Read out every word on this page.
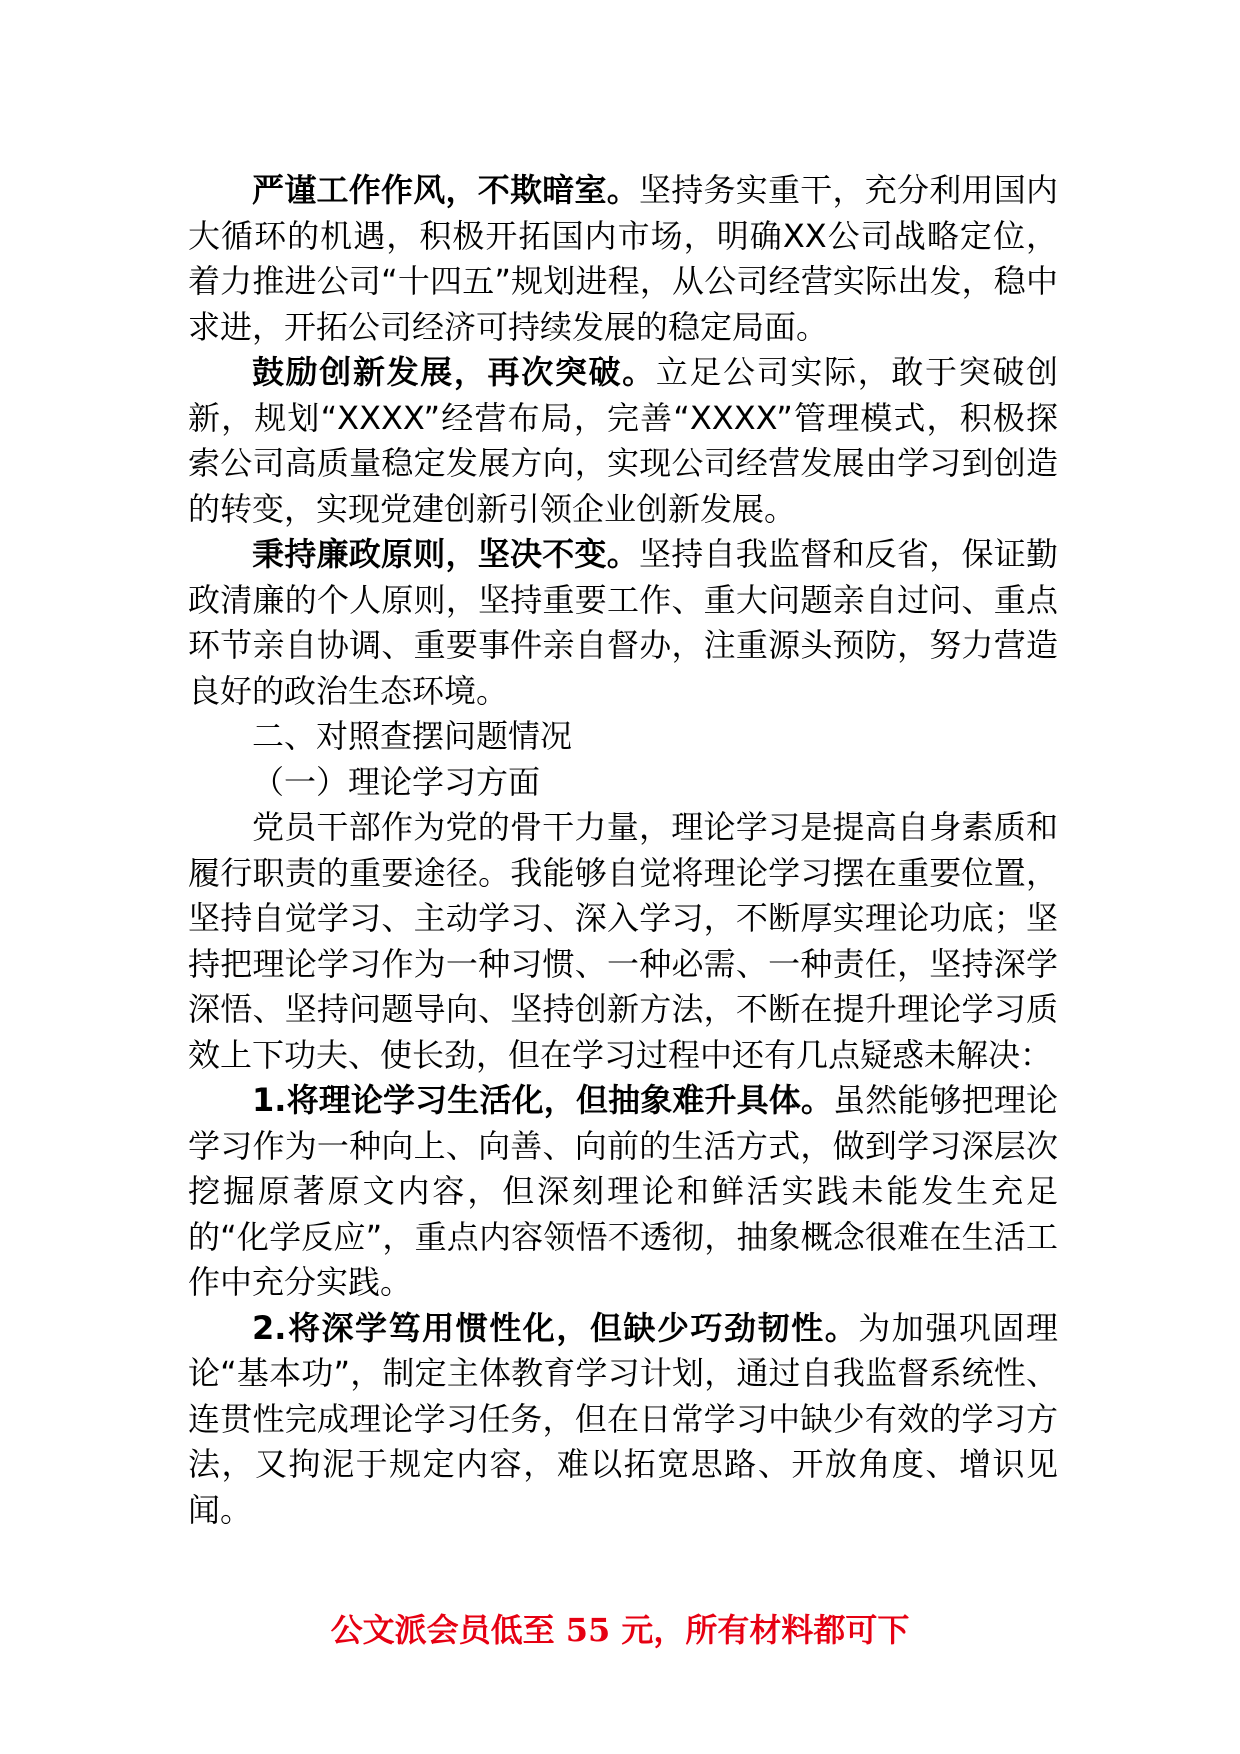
严谨工作作风，不欺暗室。坚持务实重干，充分利用国内大循环的机遇，积极开拓国内市场，明确XX公司战略定位，着力推进公司“十四五”规划进程，从公司经营实际出发，稳中求进，开拓公司经济可持续发展的稳定局面。

鼓励创新发展，再次突破。立足公司实际，敢于突破创新，规划“XXXX”经营布局，完善“XXXX”管理模式，积极探索公司高质量稳定发展方向，实现公司经营发展由学习到创造的转变，实现党建创新引领企业创新发展。

秉持廉政原则，坚决不变。坚持自我监督和反省，保证勤政清廉的个人原则，坚持重要工作、重大问题亲自过问、重点环节亲自协调、重要事件亲自督办，注重源头预防，努力营造良好的政治生态环境。

二、对照查摆问题情况

（一）理论学习方面

党员干部作为党的骨干力量，理论学习是提高自身素质和履行职责的重要途径。我能够自觉将理论学习摆在重要位置，坚持自觉学习、主动学习、深入学习，不断厚实理论功底；坚持把理论学习作为一种习惯、一种必需、一种责任，坚持深学深悟、坚持问题导向、坚持创新方法，不断在提升理论学习质效上下功夫、使长劲，但在学习过程中还有几点疑惑未解决：

1.将理论学习生活化，但抽象难升具体。虽然能够把理论学习作为一种向上、向善、向前的生活方式，做到学习深层次挖掘原著原文内容，但深刻理论和鲜活实践未能发生充足的“化学反应”，重点内容领悟不透彻，抽象概念很难在生活工作中充分实践。

2.将深学笃用惯性化，但缺少巧劲韧性。为加强巩固理论“基本功”，制定主体教育学习计划，通过自我监督系统性、连贯性完成理论学习任务，但在日常学习中缺少有效的学习方法，又拘泥于规定内容，难以拓宽思路、开放角度、增识见闻。

公文派会员低至 55 元，所有材料都可下
